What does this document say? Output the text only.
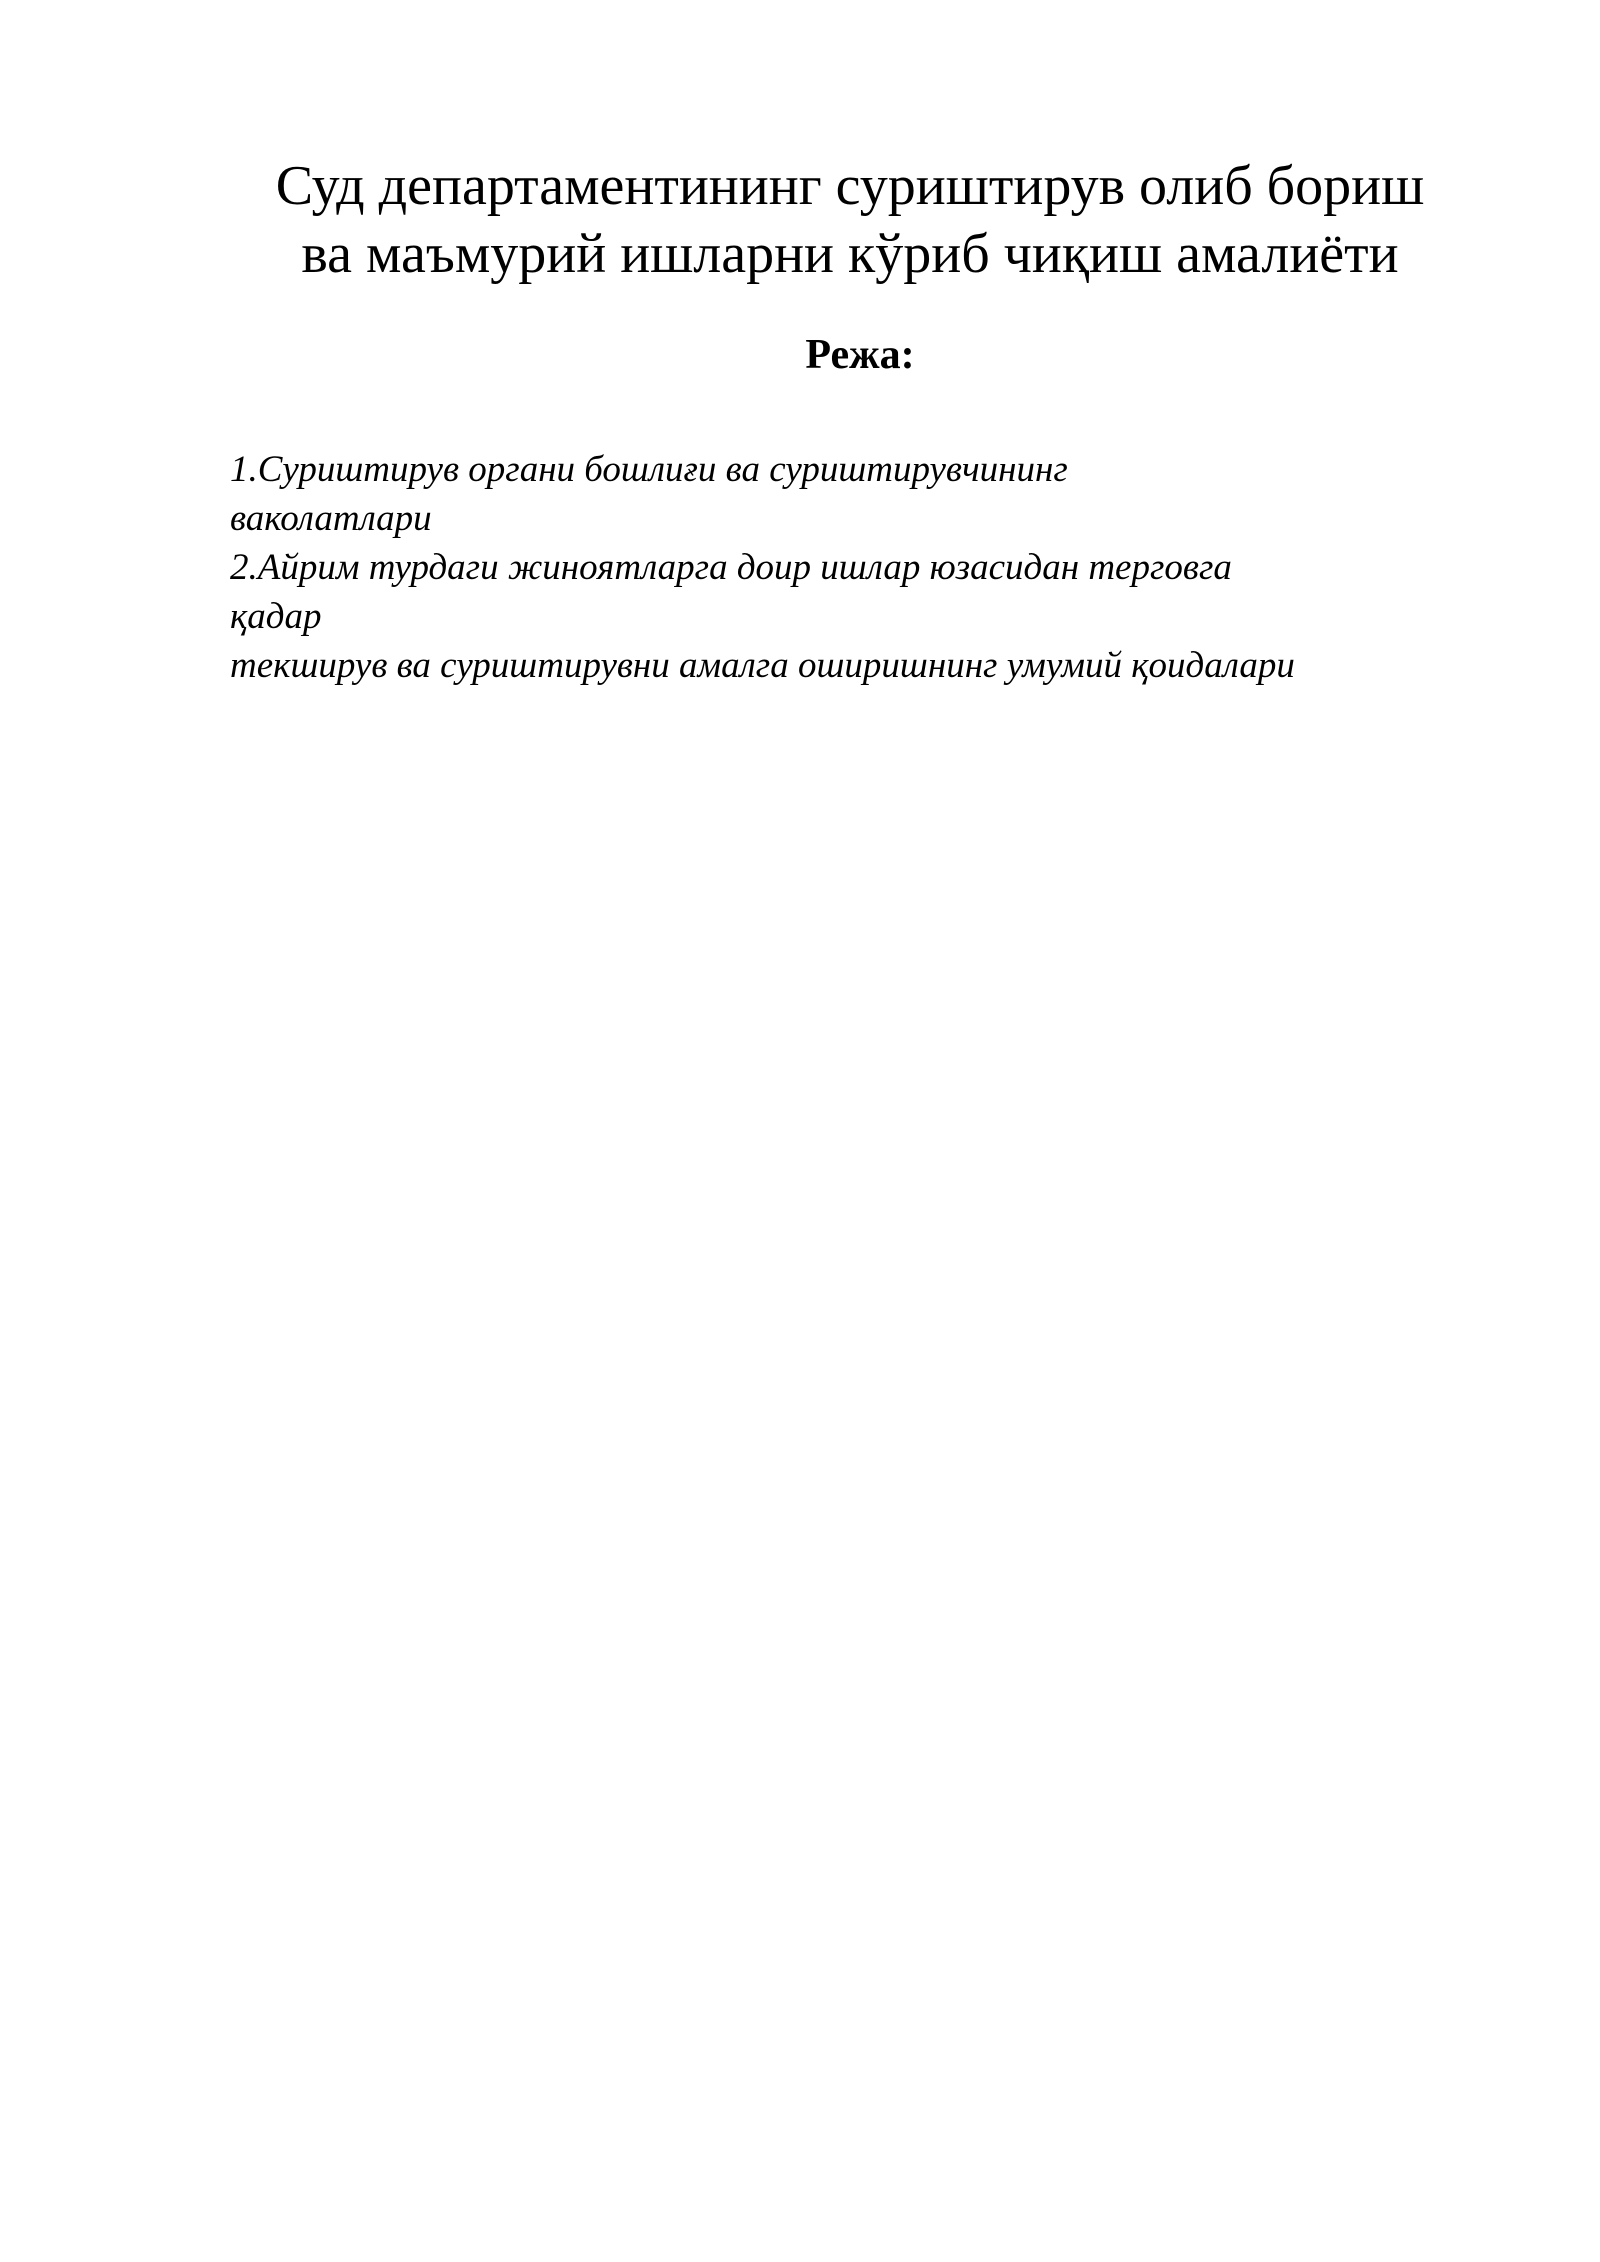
Суд департаментининг суриштирув олиб бориш
ва маъмурий ишларни кўриб чиқиш амалиёти
Режа:
1.Суриштирув органи бошлиғи ва суриштирувчининг
ваколатлари
2.Айрим турдаги жиноятларга доир ишлар юзасидан терговга
қадар
текширув ва суриштирувни амалга оширишнинг умумий қоидалари
